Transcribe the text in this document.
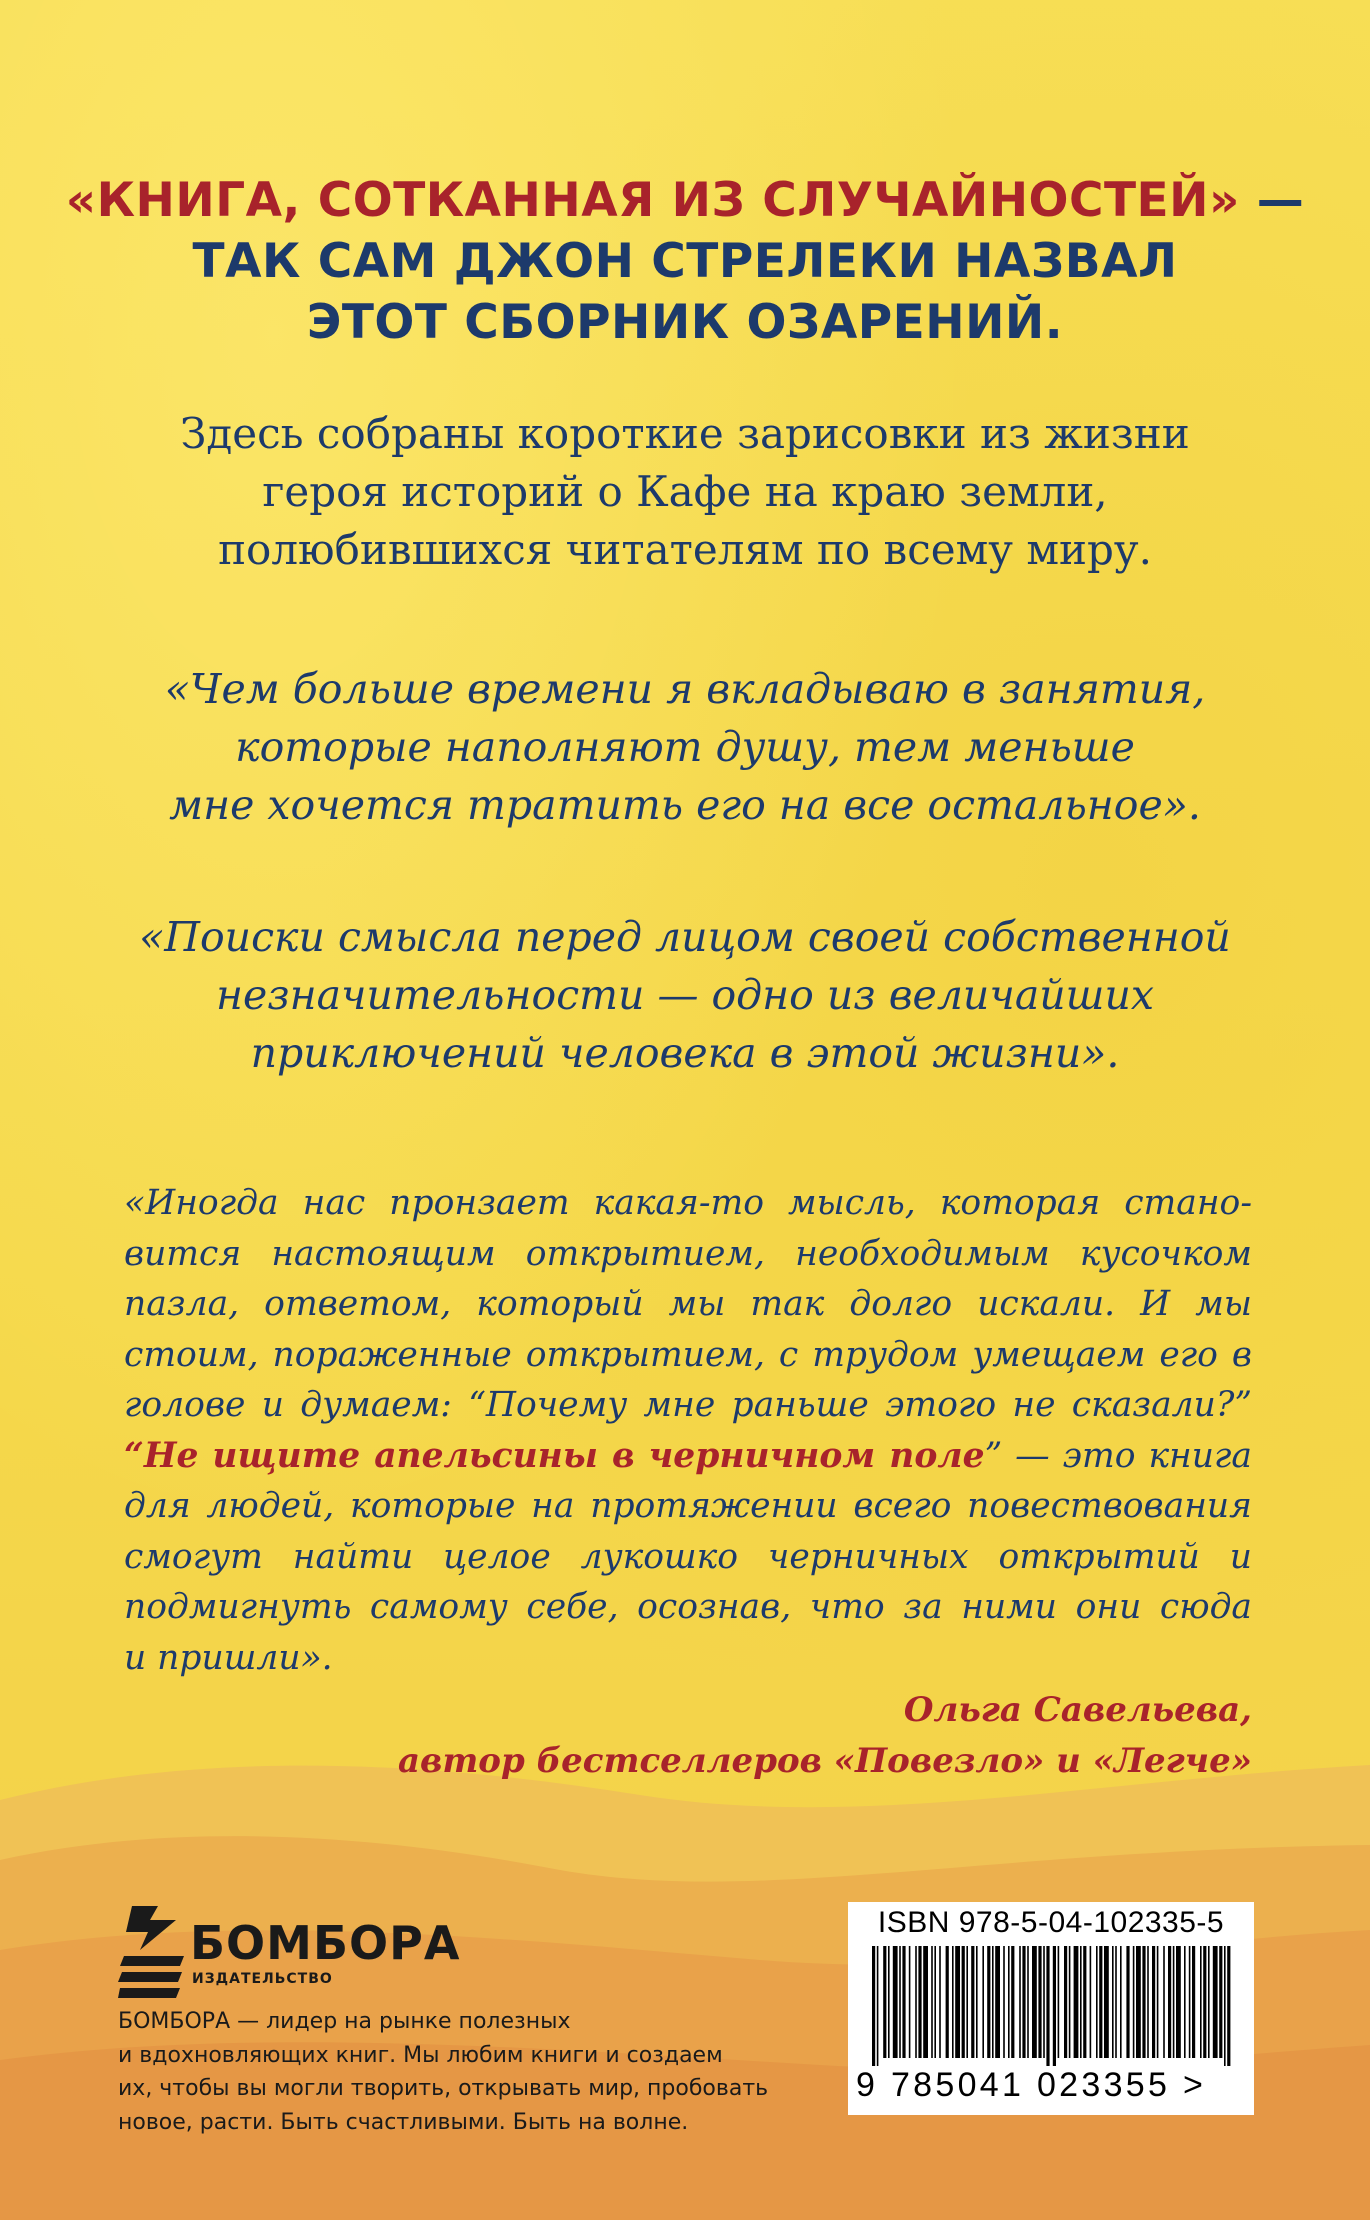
«КНИГА, СОТКАННАЯ ИЗ СЛУЧАЙНОСТЕЙ» —
ТАК САМ ДЖОН СТРЕЛЕКИ НАЗВАЛ
ЭТОТ СБОРНИК ОЗАРЕНИЙ.
Здесь собраны короткие зарисовки из жизни
героя историй о Кафе на краю земли,
полюбившихся читателям по всему миру.
«Чем больше времени я вкладываю в занятия,
которые наполняют душу, тем меньше
мне хочется тратить его на все остальное».
«Поиски смысла перед лицом своей собственной
незначительности — одно из величайших
приключений человека в этой жизни».
«Иногда нас пронзает какая-то мысль, которая стано-
вится настоящим открытием, необходимым кусочком
пазла, ответом, который мы так долго искали. И мы
стоим, пораженные открытием, с трудом умещаем его в
голове и думаем: “Почему мне раньше этого не сказали?”
“Не ищите апельсины в черничном поле” — это книга
для людей, которые на протяжении всего повествования
смогут найти целое лукошко черничных открытий и
подмигнуть самому себе, осознав, что за ними они сюда
и пришли».
Ольга Савельева,
автор бестселлеров «Повезло» и «Легче»
БОМБОРА
ИЗДАТЕЛЬСТВО
БОМБОРА — лидер на рынке полезных
и вдохновляющих книг. Мы любим книги и создаем
их, чтобы вы могли творить, открывать мир, пробовать
новое, расти. Быть счастливыми. Быть на волне.
ISBN 978-5-04-102335-5
9 785041 023355 >
